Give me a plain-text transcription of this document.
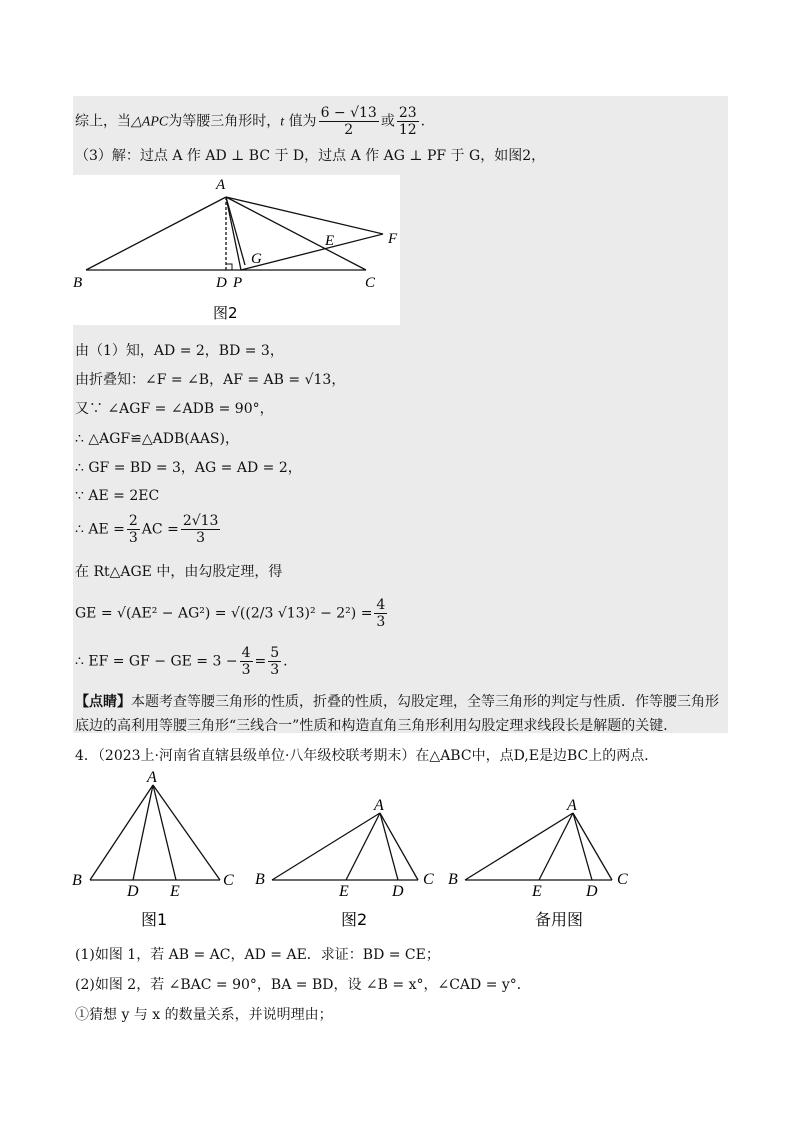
综上，当△APC为等腰三角形时，t 值为 $\frac{6 - √13}{2}$ 或 $\frac{23}{12}$ .
（3）解：过点 A 作 AD ⊥ BC 于 D，过点 A 作 AG ⊥ PF 于 G，如图2，
A
B	C
D P
G
E	F
图2
由（1）知，AD = 2，BD = 3，
由折叠知：∠F = ∠B，AF = AB = √13，
又∵ ∠AGF = ∠ADB = 90°，
∴ △AGF≌△ADB(AAS)，
∴ GF = BD = 3，AG = AD = 2，
∵ AE = 2EC
∴ AE = $\frac{2}{3}$ AC = $\frac{2√13}{3}$
在 Rt△AGE 中，由勾股定理，得
GE = √(AE² − AG²) = √((2/3 $√13)^2 - 2^2) = \frac{4}{3}$
∴ EF = GF − GE = $3 - \frac{4}{3} = \frac{5}{3}$ .
【点睛】本题考查等腰三角形的性质，折叠的性质，勾股定理，全等三角形的判定与性质．作等腰三角形
底边的高利用等腰三角形“三线合一”性质和构造直角三角形利用勾股定理求线段长是解题的关键．
4．（2023上·河南省直辖县级单位·八年级校联考期末）在△ABC中，点D,E是边BC上的两点．
A
B	C
D E
图1
A
B	C
E	D
图2
A
B	C
E	D
备用图
(1)如图 1，若 AB = AC，AD = AE．求证：BD = CE；
(2)如图 2，若 ∠BAC = 90°，BA = BD，设 ∠B = x°，∠CAD = y°．
①猜想 y 与 x 的数量关系，并说明理由；
